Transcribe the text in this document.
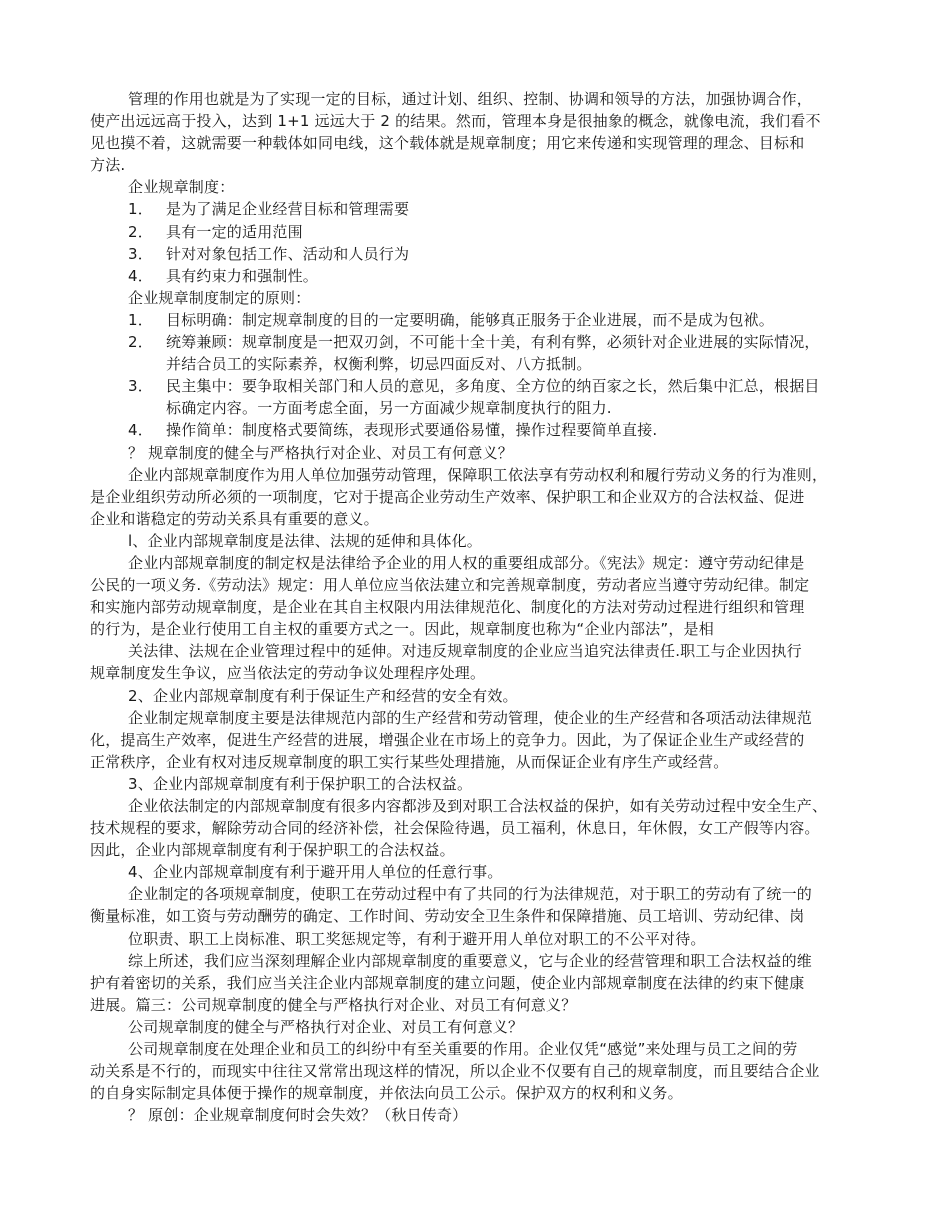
管理的作用也就是为了实现一定的目标，通过计划、组织、控制、协调和领导的方法，加强协调合作，
使产出远远高于投入，达到 1+1 远远大于 2 的结果。然而，管理本身是很抽象的概念，就像电流，我们看不
见也摸不着，这就需要一种载体如同电线，这个载体就是规章制度；用它来传递和实现管理的理念、目标和
方法.
企业规章制度：
1． 是为了满足企业经营目标和管理需要
2． 具有一定的适用范围
3． 针对对象包括工作、活动和人员行为
4． 具有约束力和强制性。
企业规章制度制定的原则：
1． 目标明确：制定规章制度的目的一定要明确，能够真正服务于企业进展，而不是成为包袱。
2． 统筹兼顾：规章制度是一把双刃剑，不可能十全十美，有利有弊，必须针对企业进展的实际情况，
并结合员工的实际素养，权衡利弊，切忌四面反对、八方抵制。
3． 民主集中：要争取相关部门和人员的意见，多角度、全方位的纳百家之长，然后集中汇总，根据目
标确定内容。一方面考虑全面，另一方面减少规章制度执行的阻力.
4． 操作简单：制度格式要简练，表现形式要通俗易懂，操作过程要简单直接.
？ 规章制度的健全与严格执行对企业、对员工有何意义？
企业内部规章制度作为用人单位加强劳动管理，保障职工依法享有劳动权利和履行劳动义务的行为准则，
是企业组织劳动所必须的一项制度，它对于提高企业劳动生产效率、保护职工和企业双方的合法权益、促进
企业和谐稳定的劳动关系具有重要的意义。
l、企业内部规章制度是法律、法规的延伸和具体化。
企业内部规章制度的制定权是法律给予企业的用人权的重要组成部分。《宪法》规定：遵守劳动纪律是
公民的一项义务.《劳动法》规定：用人单位应当依法建立和完善规章制度，劳动者应当遵守劳动纪律。制定
和实施内部劳动规章制度，是企业在其自主权限内用法律规范化、制度化的方法对劳动过程进行组织和管理
的行为，是企业行使用工自主权的重要方式之一。因此，规章制度也称为“企业内部法”，是相
关法律、法规在企业管理过程中的延伸。对违反规章制度的企业应当追究法律责任.职工与企业因执行
规章制度发生争议，应当依法定的劳动争议处理程序处理。
2、企业内部规章制度有利于保证生产和经营的安全有效。
企业制定规章制度主要是法律规范内部的生产经营和劳动管理，使企业的生产经营和各项活动法律规范
化，提高生产效率，促进生产经营的进展，增强企业在市场上的竞争力。因此，为了保证企业生产或经营的
正常秩序，企业有权对违反规章制度的职工实行某些处理措施，从而保证企业有序生产或经营。
3、企业内部规章制度有利于保护职工的合法权益。
企业依法制定的内部规章制度有很多内容都涉及到对职工合法权益的保护，如有关劳动过程中安全生产、
技术规程的要求，解除劳动合同的经济补偿，社会保险待遇，员工福利，休息日，年休假，女工产假等内容。
因此，企业内部规章制度有利于保护职工的合法权益。
4、企业内部规章制度有利于避开用人单位的任意行事。
企业制定的各项规章制度，使职工在劳动过程中有了共同的行为法律规范，对于职工的劳动有了统一的
衡量标准，如工资与劳动酬劳的确定、工作时间、劳动安全卫生条件和保障措施、员工培训、劳动纪律、岗
位职责、职工上岗标准、职工奖惩规定等，有利于避开用人单位对职工的不公平对待。
综上所述，我们应当深刻理解企业内部规章制度的重要意义，它与企业的经营管理和职工合法权益的维
护有着密切的关系，我们应当关注企业内部规章制度的建立问题，使企业内部规章制度在法律的约束下健康
进展。篇三：公司规章制度的健全与严格执行对企业、对员工有何意义？
公司规章制度的健全与严格执行对企业、对员工有何意义？
公司规章制度在处理企业和员工的纠纷中有至关重要的作用。企业仅凭“感觉”来处理与员工之间的劳
动关系是不行的，而现实中往往又常常出现这样的情况，所以企业不仅要有自己的规章制度，而且要结合企业
的自身实际制定具体便于操作的规章制度，并依法向员工公示。保护双方的权利和义务。
？ 原创：企业规章制度何时会失效？（秋日传奇）
